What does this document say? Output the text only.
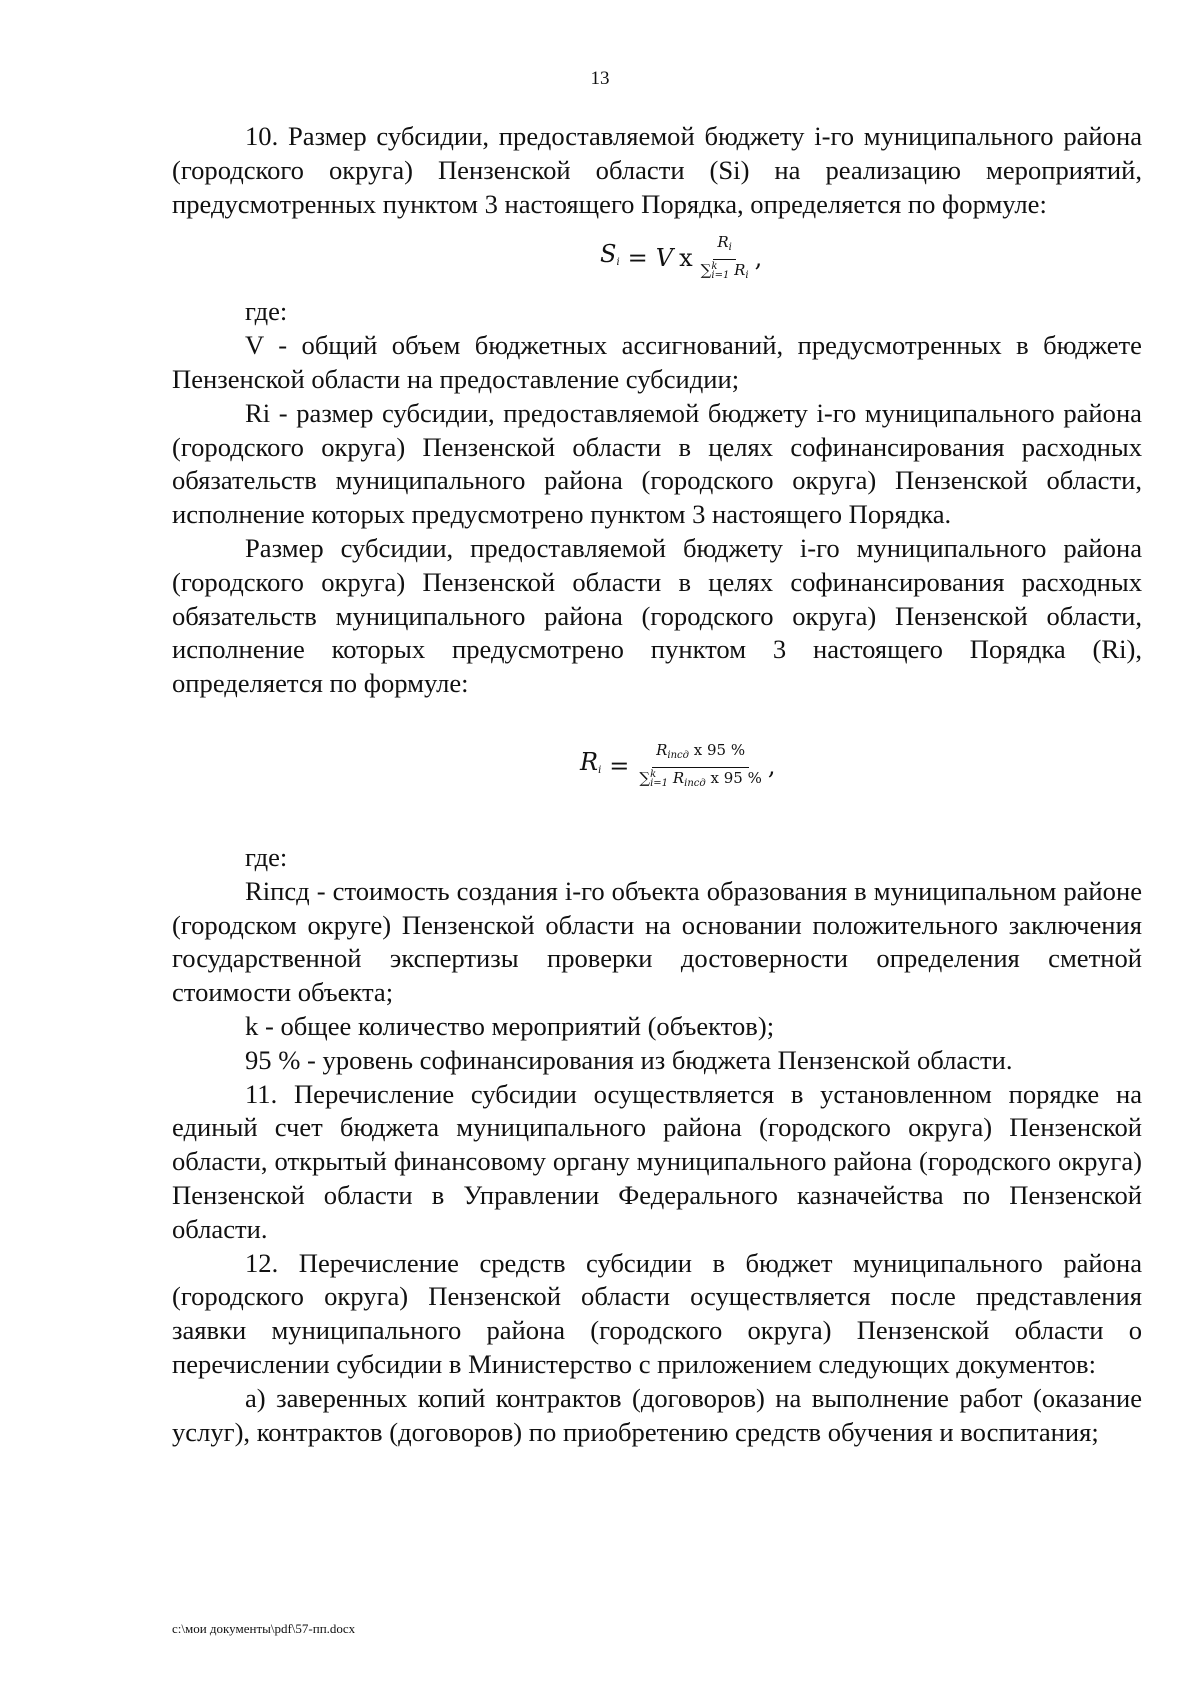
13

10. Размер субсидии, предоставляемой бюджету i-го муниципального района (городского округа) Пензенской области (Si) на реализацию мероприятий, предусмотренных пунктом 3 настоящего Порядка, определяется по формуле:

Si = V x $R_i$
∑ k
i=1 $R_i$ ,

где:

V - общий объем бюджетных ассигнований, предусмотренных в бюджете Пензенской области на предоставление субсидии;

Ri - размер субсидии, предоставляемой бюджету i-го муниципального района (городского округа) Пензенской области в целях софинансирования расходных обязательств муниципального района (городского округа) Пензенской области, исполнение которых предусмотрено пунктом 3 настоящего Порядка.

Размер субсидии, предоставляемой бюджету i-го муниципального района (городского округа) Пензенской области в целях софинансирования расходных обязательств муниципального района (городского округа) Пензенской области, исполнение которых предусмотрено пунктом 3 настоящего Порядка (Ri), определяется по формуле:

$Ri = R_{iпсд}$ x 95 %
∑ k
i=1 $R_{iпсд}$ x 95 % ,

где:

Riпсд - стоимость создания i-го объекта образования в муниципальном районе (городском округе) Пензенской области на основании положительного заключения государственной экспертизы проверки достоверности определения сметной стоимости объекта;

k - общее количество мероприятий (объектов);

95 % - уровень софинансирования из бюджета Пензенской области.

11. Перечисление субсидии осуществляется в установленном порядке на единый счет бюджета муниципального района (городского округа) Пензенской области, открытый финансовому органу муниципального района (городского округа) Пензенской области в Управлении Федерального казначейства по Пензенской области.

12. Перечисление средств субсидии в бюджет муниципального района (городского округа) Пензенской области осуществляется после представления заявки муниципального района (городского округа) Пензенской области о перечислении субсидии в Министерство с приложением следующих документов:

а) заверенных копий контрактов (договоров) на выполнение работ (оказание услуг), контрактов (договоров) по приобретению средств обучения и воспитания;

c:\мои документы\pdf\57-пп.docx
